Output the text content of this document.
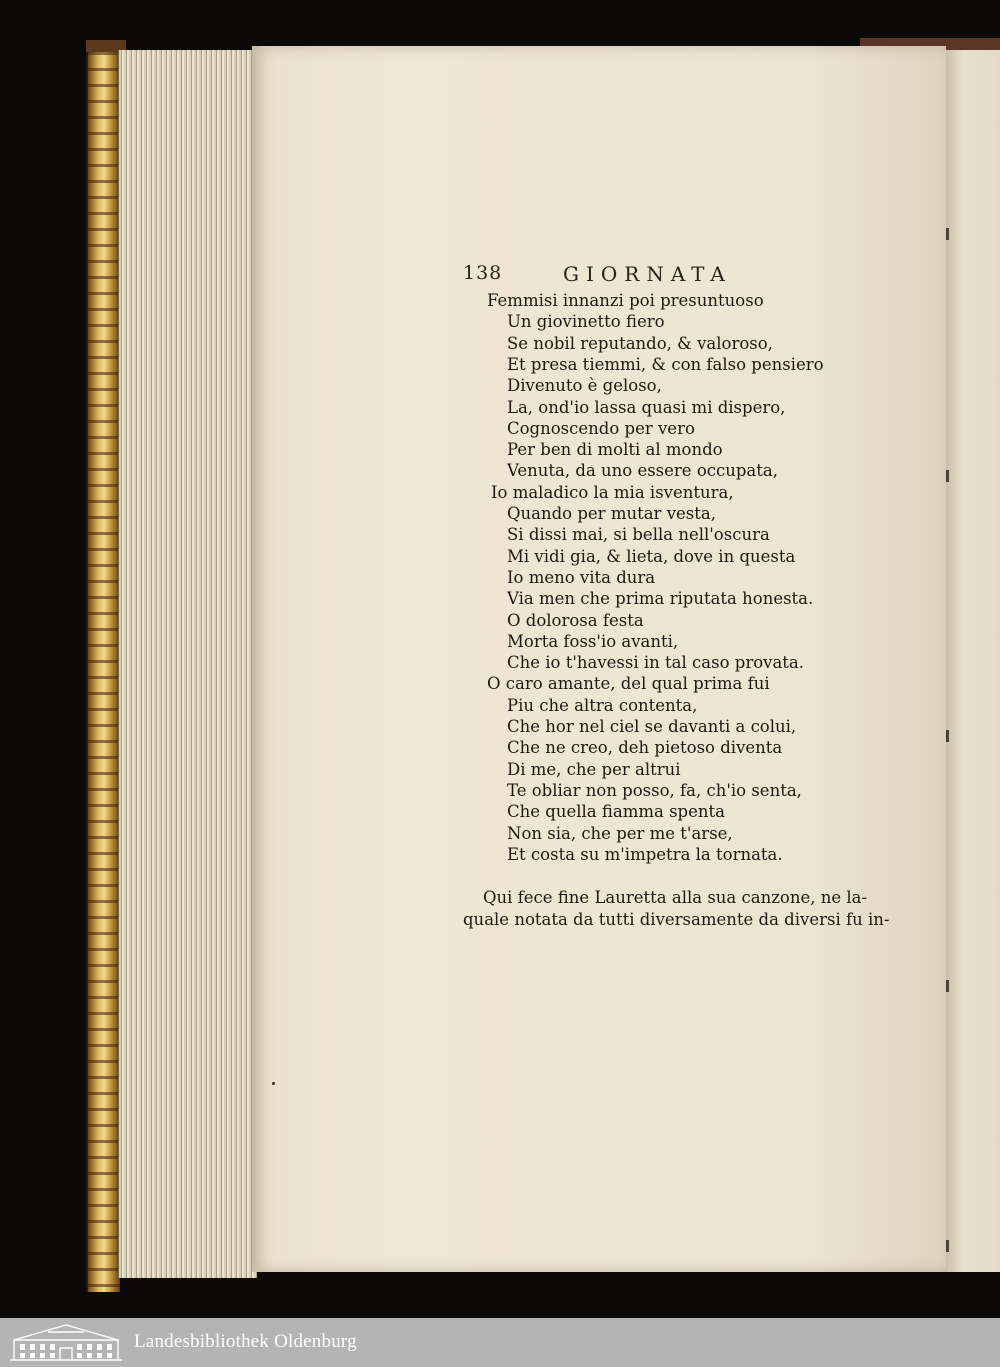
138	GIORNATA
Femmisi innanzi poi presuntuoso
Un giovinetto fiero
Se nobil reputando, & valoroso,
Et presa tiemmi, & con falso pensiero
Divenuto è geloso,
La, ond'io lassa quasi mi dispero,
Cognoscendo per vero
Per ben di molti al mondo
Venuta, da uno essere occupata,
Io maladico la mia isventura,
Quando per mutar vesta,
Si dissi mai, si bella nell'oscura
Mi vidi gia, & lieta, dove in questa
Io meno vita dura
Via men che prima riputata honesta.
O dolorosa festa
Morta foss'io avanti,
Che io t'havessi in tal caso provata.
O caro amante, del qual prima fui
Piu che altra contenta,
Che hor nel ciel se davanti a colui,
Che ne creo, deh pietoso diventa
Di me, che per altrui
Te obliar non posso, fa, ch'io senta,
Che quella fiamma spenta
Non sia, che per me t'arse,
Et costa su m'impetra la tornata.
Qui fece fine Lauretta alla sua canzone, ne la-
quale notata da tutti diversamente da diversi fu in-
Landesbibliothek Oldenburg
